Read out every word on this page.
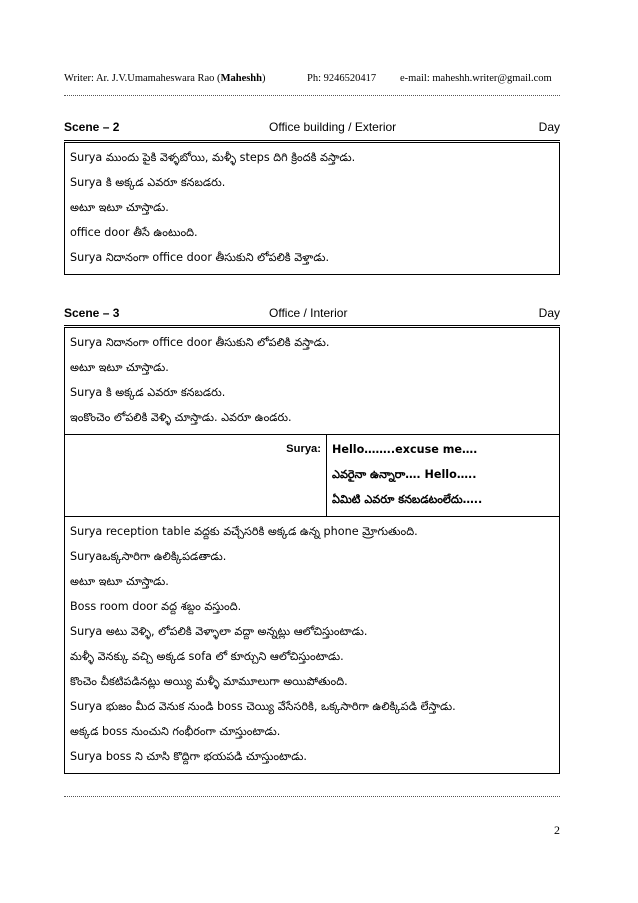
Writer: Ar. J.V.Umamaheswara Rao (Maheshh)	Ph: 9246520417 e-mail: maheshh.writer@gmail.com
Scene – 2	Office building / Exterior	Day
Surya ముందు పైకి వెళ్ళబోయి, మళ్ళీ steps దిగి క్రిందకి వస్తాడు.
Surya కి అక్కడ ఎవరూ కనబడరు.
అటూ ఇటూ చూస్తాడు.
office door తీసే ఉంటుంది.
Surya నిదానంగా office door తీసుకుని లోపలికి వెళ్తాడు.
Scene – 3	Office / Interior	Day
Surya నిదానంగా office door తీసుకుని లోపలికి వస్తాడు.
అటూ ఇటూ చూస్తాడు.
Surya కి అక్కడ ఎవరూ కనబడరు.
ఇంకొంచెం లోపలికి వెళ్ళి చూస్తాడు. ఎవరూ ఉండరు.

Surya:	Hello……..excuse me….
ఎవరైనా ఉన్నారా…. Hello…..
ఏమిటి ఎవరూ కనబడటంలేదు…..

Surya reception table వద్దకు వచ్చేసరికి అక్కడ ఉన్న phone మ్రోగుతుంది.
Suryaఒక్కసారిగా ఉలిక్కిపడతాడు.
అటూ ఇటూ చూస్తాడు.
Boss room door వద్ద శబ్దం వస్తుంది.
Surya అటు వెళ్ళి, లోపలికి వెళ్ళాలా వద్దా అన్నట్లు ఆలోచిస్తుంటాడు.
మళ్ళీ వెనక్కు వచ్చి అక్కడ sofa లో కూర్చుని ఆలోచిస్తుంటాడు.
కొంచెం చీకటిపడినట్లు అయ్యి మళ్ళీ మామూలుగా అయిపోతుంది.
Surya భుజం మీద వెనుక నుండి boss చెయ్యి వేసేసరికి, ఒక్కసారిగా ఉలిక్కిపడి లేస్తాడు.
అక్కడ boss నుంచుని గంభీరంగా చూస్తుంటాడు.
Surya boss ని చూసి కొద్దిగా భయపడి చూస్తుంటాడు.
2
